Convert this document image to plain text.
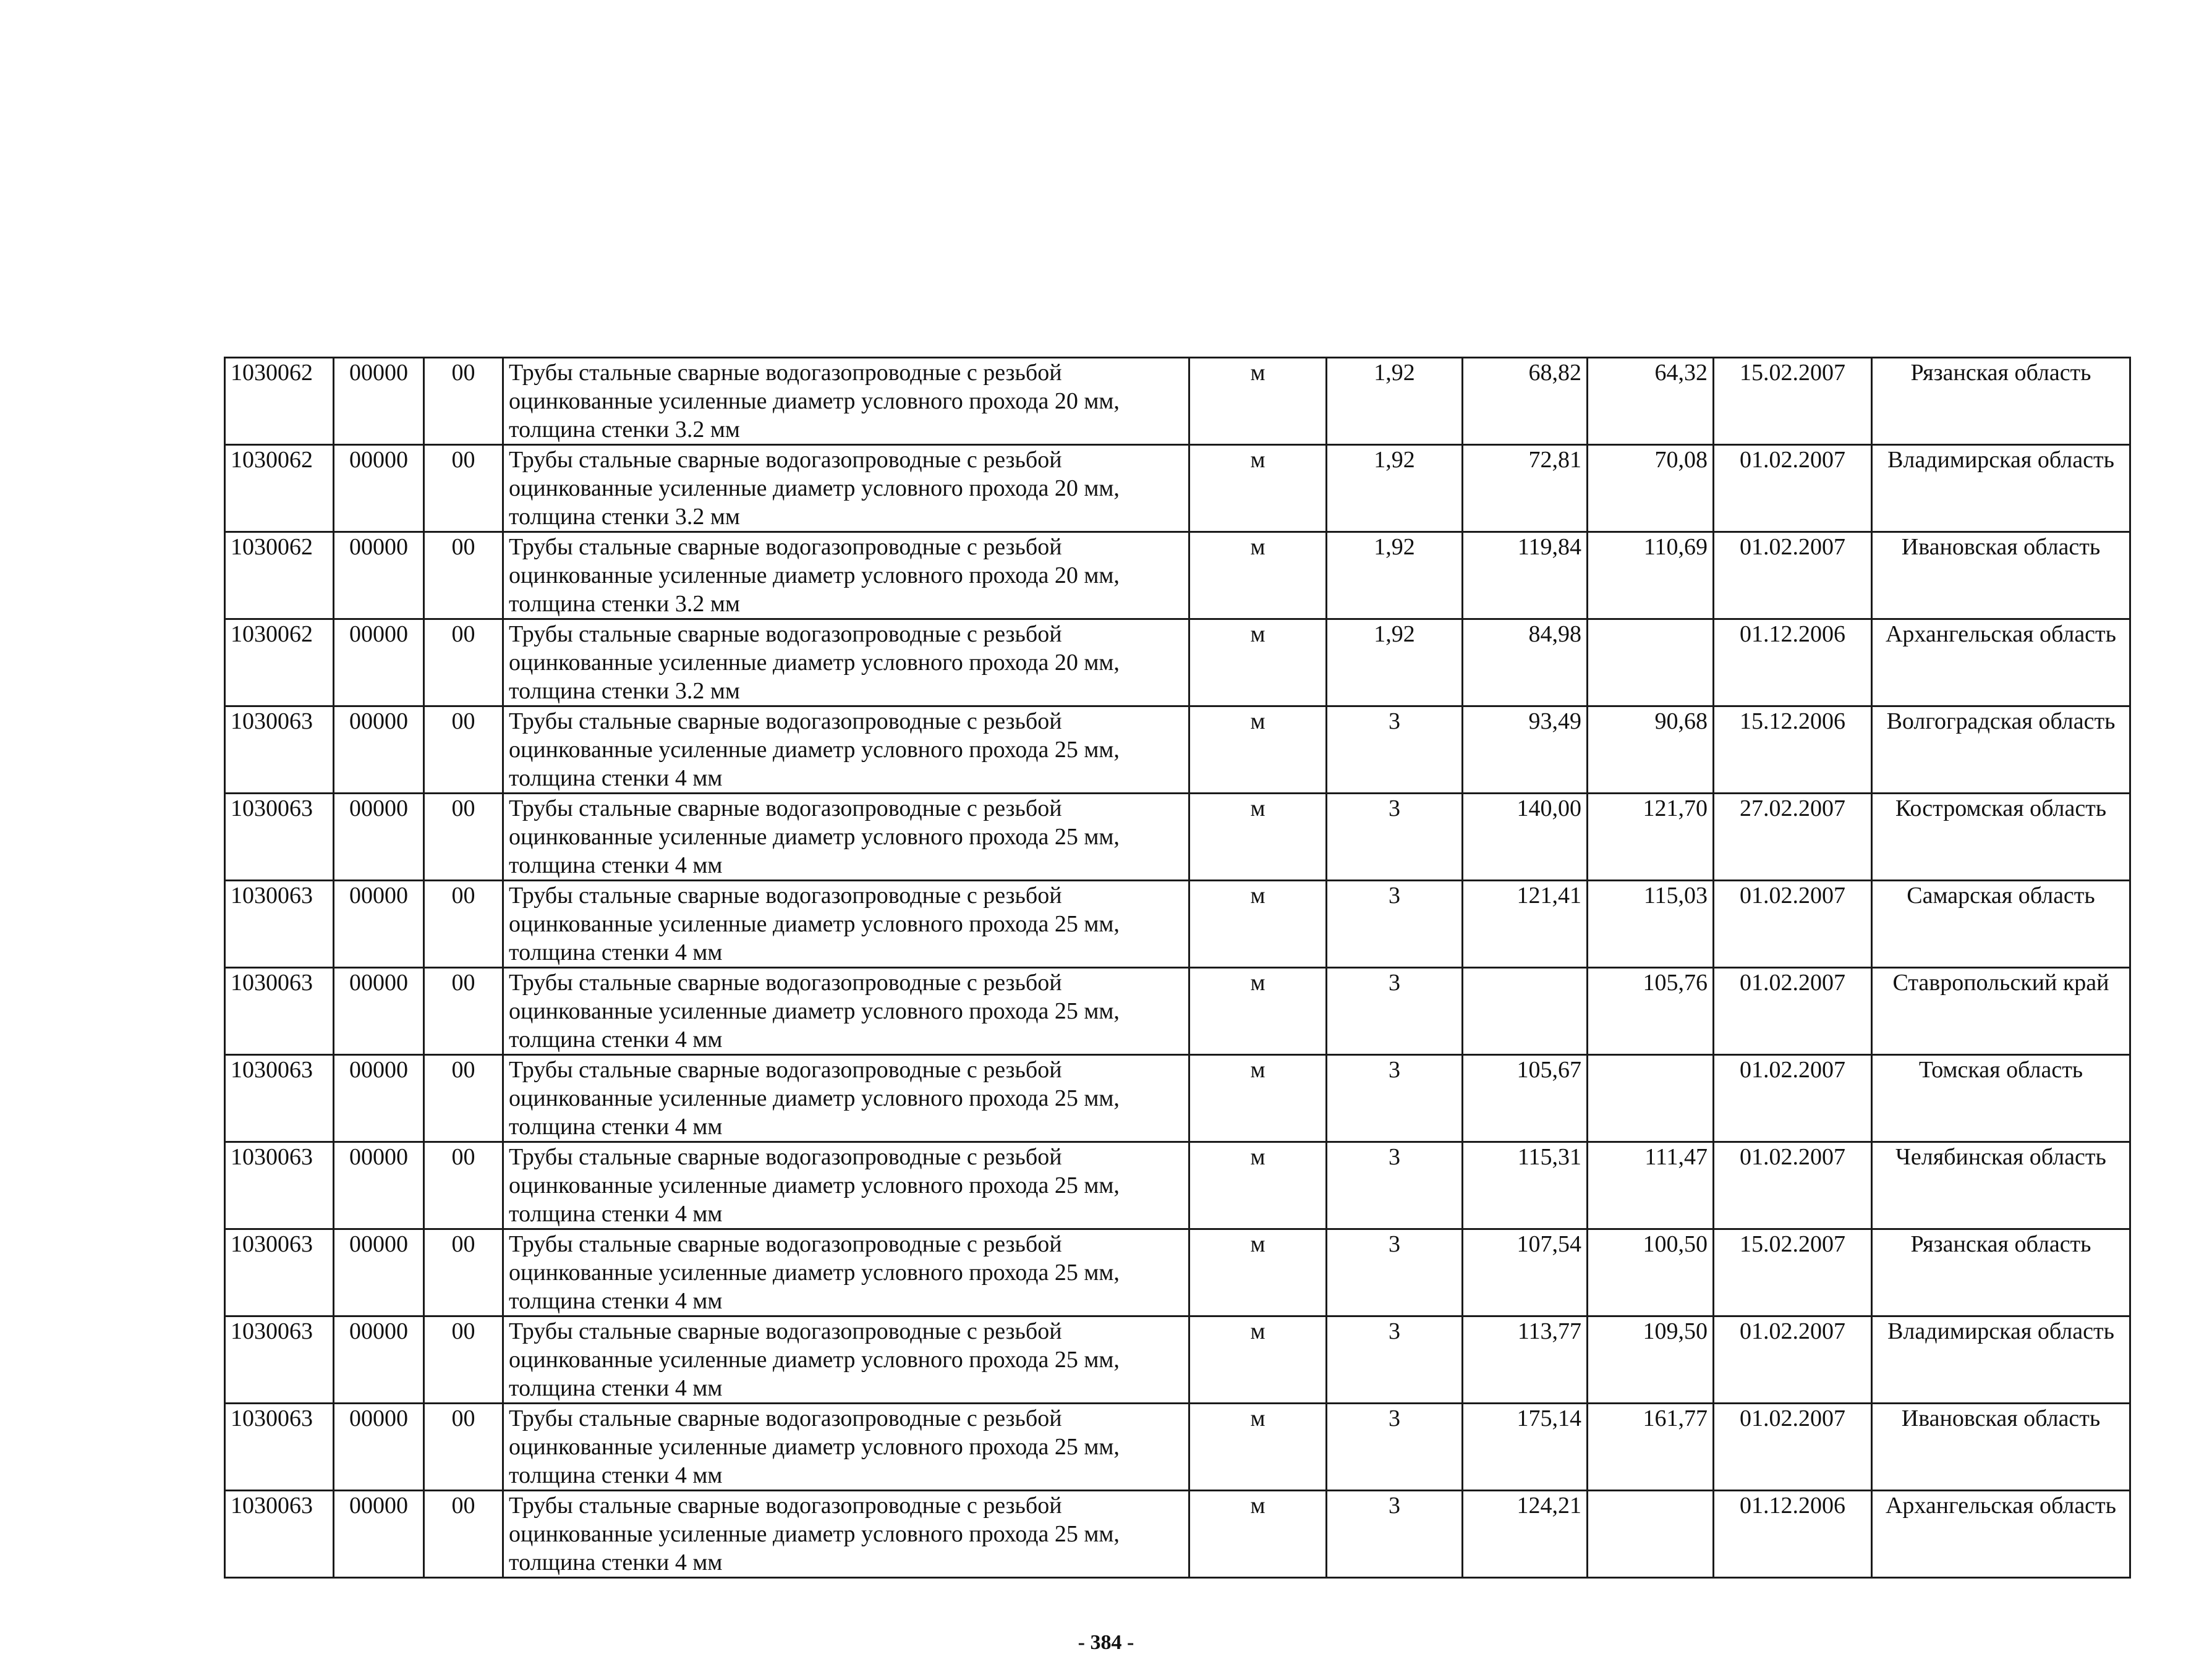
1030062	00000	00	Трубы стальные сварные водогазопроводные с резьбой оцинкованные усиленные диаметр условного прохода 20 мм, толщина стенки 3.2 мм	м	1,92	68,82	64,32	15.02.2007	Рязанская область
1030062	00000	00	Трубы стальные сварные водогазопроводные с резьбой оцинкованные усиленные диаметр условного прохода 20 мм, толщина стенки 3.2 мм	м	1,92	72,81	70,08	01.02.2007	Владимирская область
1030062	00000	00	Трубы стальные сварные водогазопроводные с резьбой оцинкованные усиленные диаметр условного прохода 20 мм, толщина стенки 3.2 мм	м	1,92	119,84	110,69	01.02.2007	Ивановская область
1030062	00000	00	Трубы стальные сварные водогазопроводные с резьбой оцинкованные усиленные диаметр условного прохода 20 мм, толщина стенки 3.2 мм	м	1,92	84,98		01.12.2006	Архангельская область
1030063	00000	00	Трубы стальные сварные водогазопроводные с резьбой оцинкованные усиленные диаметр условного прохода 25 мм, толщина стенки 4 мм	м	3	93,49	90,68	15.12.2006	Волгоградская область
1030063	00000	00	Трубы стальные сварные водогазопроводные с резьбой оцинкованные усиленные диаметр условного прохода 25 мм, толщина стенки 4 мм	м	3	140,00	121,70	27.02.2007	Костромская область
1030063	00000	00	Трубы стальные сварные водогазопроводные с резьбой оцинкованные усиленные диаметр условного прохода 25 мм, толщина стенки 4 мм	м	3	121,41	115,03	01.02.2007	Самарская область
1030063	00000	00	Трубы стальные сварные водогазопроводные с резьбой оцинкованные усиленные диаметр условного прохода 25 мм, толщина стенки 4 мм	м	3		105,76	01.02.2007	Ставропольский край
1030063	00000	00	Трубы стальные сварные водогазопроводные с резьбой оцинкованные усиленные диаметр условного прохода 25 мм, толщина стенки 4 мм	м	3	105,67		01.02.2007	Томская область
1030063	00000	00	Трубы стальные сварные водогазопроводные с резьбой оцинкованные усиленные диаметр условного прохода 25 мм, толщина стенки 4 мм	м	3	115,31	111,47	01.02.2007	Челябинская область
1030063	00000	00	Трубы стальные сварные водогазопроводные с резьбой оцинкованные усиленные диаметр условного прохода 25 мм, толщина стенки 4 мм	м	3	107,54	100,50	15.02.2007	Рязанская область
1030063	00000	00	Трубы стальные сварные водогазопроводные с резьбой оцинкованные усиленные диаметр условного прохода 25 мм, толщина стенки 4 мм	м	3	113,77	109,50	01.02.2007	Владимирская область
1030063	00000	00	Трубы стальные сварные водогазопроводные с резьбой оцинкованные усиленные диаметр условного прохода 25 мм, толщина стенки 4 мм	м	3	175,14	161,77	01.02.2007	Ивановская область
1030063	00000	00	Трубы стальные сварные водогазопроводные с резьбой оцинкованные усиленные диаметр условного прохода 25 мм, толщина стенки 4 мм	м	3	124,21		01.12.2006	Архангельская область
- 384 -
